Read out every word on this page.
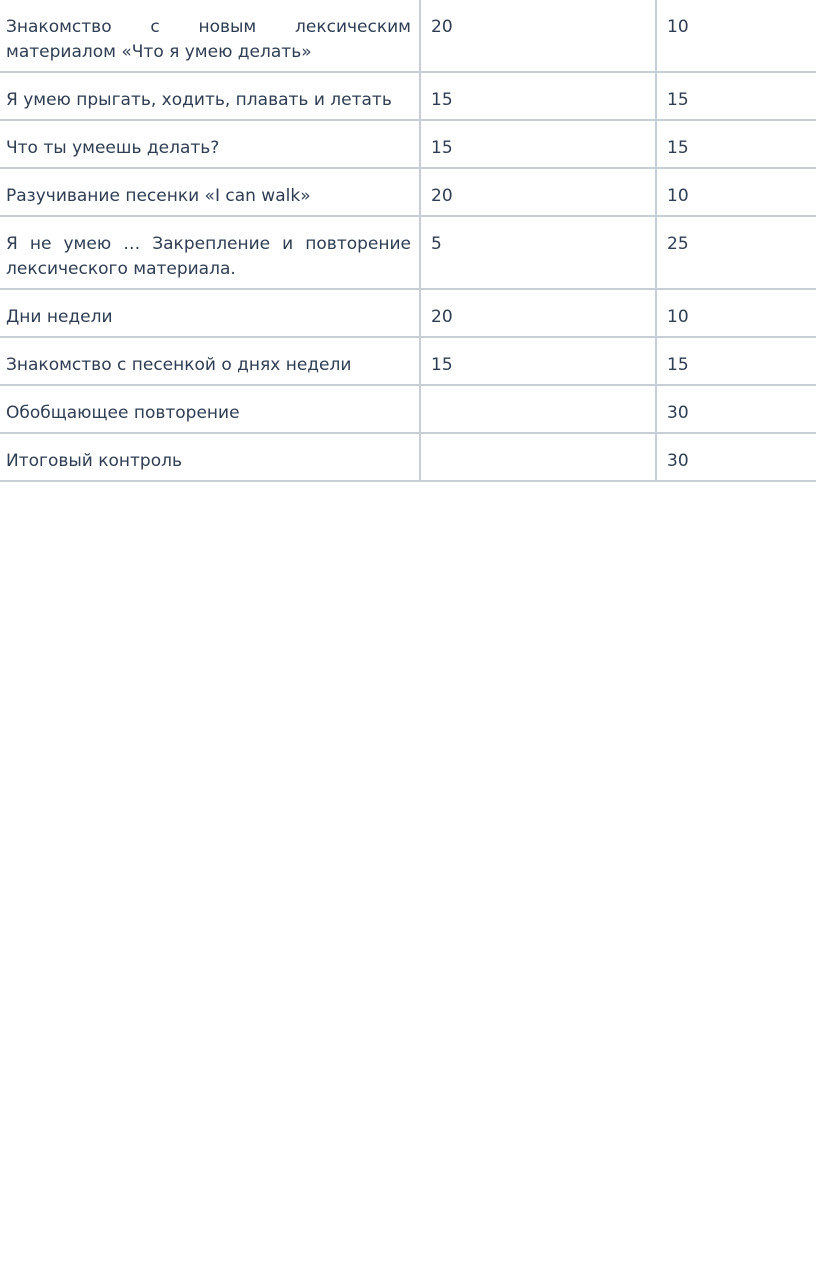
Знакомство с новым лексическим материалом «Что я умею делать»	20	10
Я умею прыгать, ходить, плавать и летать	15	15
Что ты умеешь делать?	15	15
Разучивание песенки «I can walk»	20	10
Я не умею … Закрепление и повторение лексического материала.	5	25
Дни недели	20	10
Знакомство с песенкой о днях недели	15	15
Обобщающее повторение		30
Итоговый контроль		30
